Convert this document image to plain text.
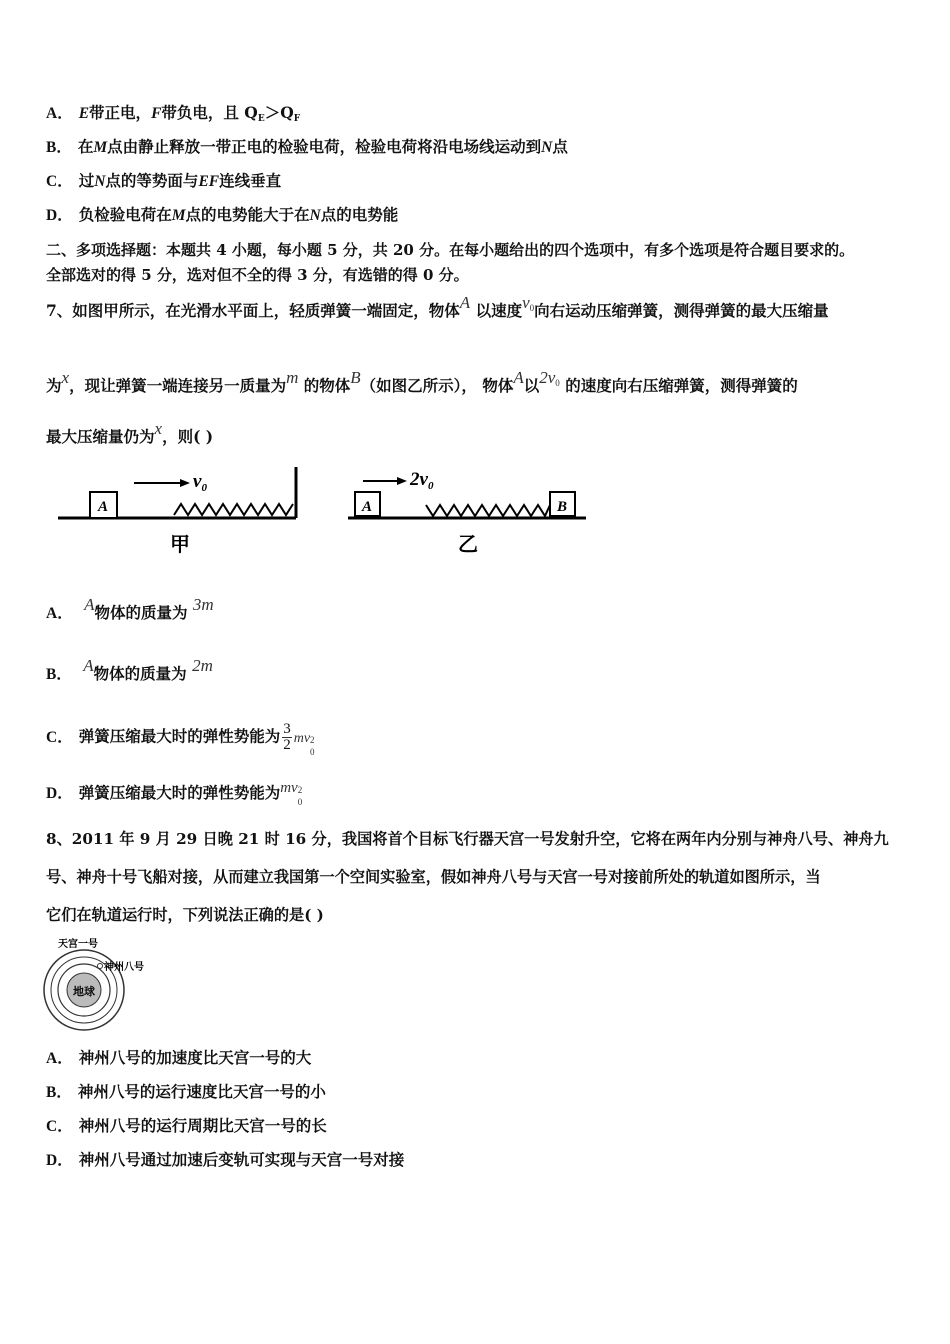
A． E带正电，F带负电，且 $Q_E>Q_F$
B． 在M点由静止释放一带正电的检验电荷，检验电荷将沿电场线运动到N点
C． 过N点的等势面与EF连线垂直
D． 负检验电荷在M点的电势能大于在N点的电势能
二、多项选择题：本题共 4 小题，每小题 5 分，共 20 分。在每小题给出的四个选项中，有多个选项是符合题目要求的。
全部选对的得 5 分，选对但不全的得 3 分，有选错的得 0 分。
7、如图甲所示，在光滑水平面上，轻质弹簧一端固定，物体A 以速度$v_0$向右运动压缩弹簧，测得弹簧的最大压缩量
为x，现让弹簧一端连接另一质量为m 的物体B（如图乙所示）， 物体A以$2v_0$ 的速度向右压缩弹簧，测得弹簧的
最大压缩量仍为x，则( )
A
$v_0$
甲
A	B
$2v_0$
乙
A． A物体的质量为 3m
B． A物体的质量为 2m
C． 弹簧压缩最大时的弹性势能为 $\frac{3}{2}$ mv 2
0
D． 弹簧压缩最大时的弹性势能为mv 2
0
8、2011 年 9 月 29 日晚 21 时 16 分，我国将首个目标飞行器天宫一号发射升空，它将在两年内分别与神舟八号、神舟九
号、神舟十号飞船对接，从而建立我国第一个空间实验室，假如神舟八号与天宫一号对接前所处的轨道如图所示，当
它们在轨道运行时，下列说法正确的是( )
地球
天宫一号
神州八号
A． 神州八号的加速度比天宫一号的大
B． 神州八号的运行速度比天宫一号的小
C． 神州八号的运行周期比天宫一号的长
D． 神州八号通过加速后变轨可实现与天宫一号对接
